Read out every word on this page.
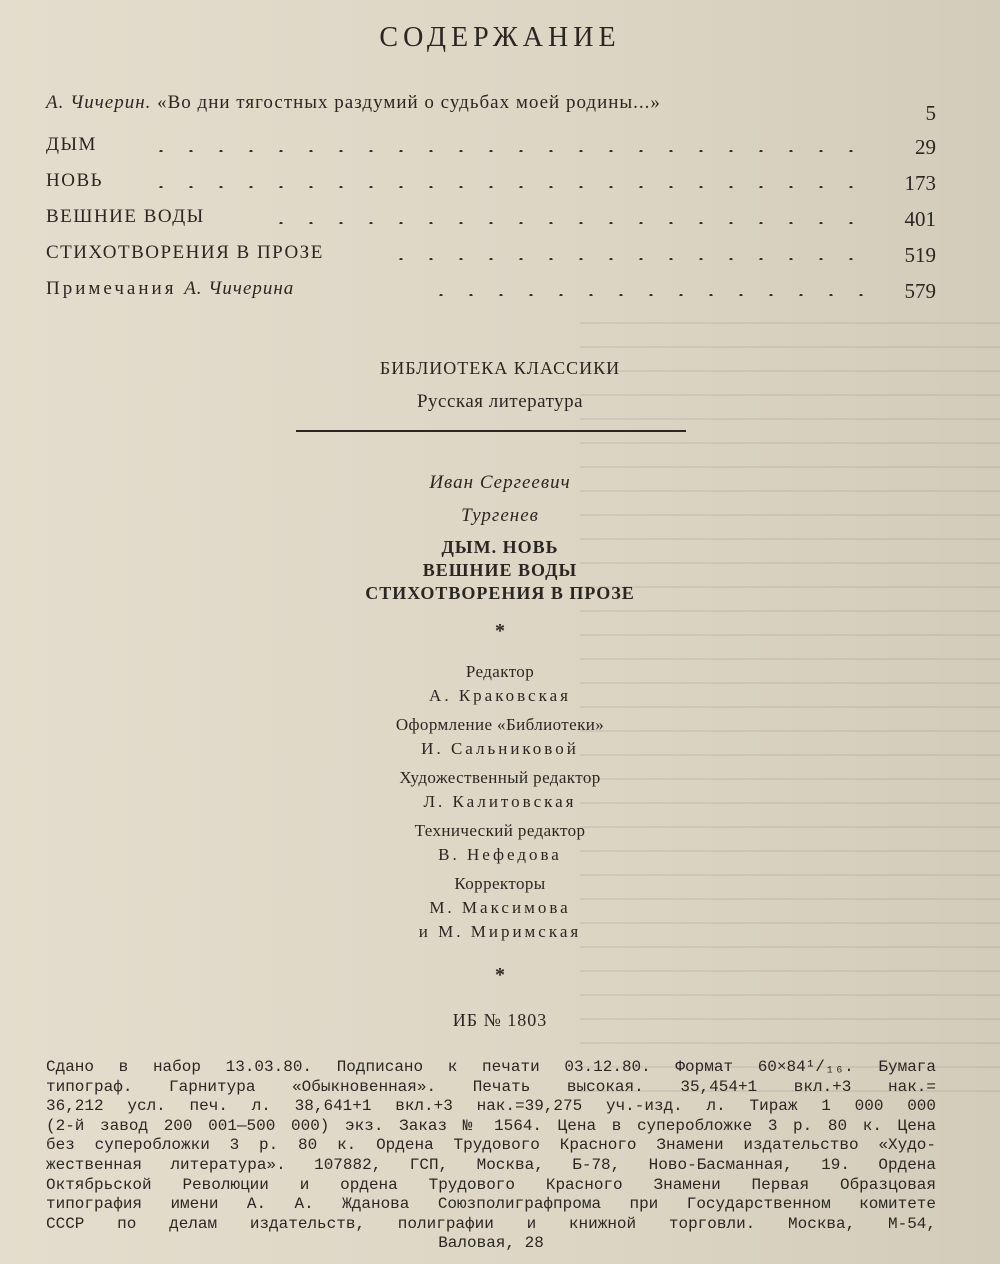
СОДЕРЖАНИЕ
А. Чичерин. «Во дни тягостных раздумий о судьбах моей родины...»	5
ДЫМ	29
НОВЬ	173
ВЕШНИЕ ВОДЫ	401
СТИХОТВОРЕНИЯ В ПРОЗЕ	519
Примечания А. Чичерина	579
БИБЛИОТЕКА КЛАССИКИ
Русская литература
Иван Сергеевич
Тургенев
ДЫМ. НОВЬ
ВЕШНИЕ ВОДЫ
СТИХОТВОРЕНИЯ В ПРОЗЕ
*
Редактор
А. Краковская
Оформление «Библиотеки»
И. Сальниковой
Художественный редактор
Л. Калитовская
Технический редактор
В. Нефедова
Корректоры
М. Максимова
и М. Миримская
*
ИБ № 1803
Сдано в набор 13.03.80. Подписано к печати 03.12.80. Формат 60×84¹/₁₆. Бумага
типограф. Гарнитура «Обыкновенная». Печать высокая. 35,454+1 вкл.+3 нак.=
36,212 усл. печ. л. 38,641+1 вкл.+3 нак.=39,275 уч.-изд. л. Тираж 1 000 000
(2-й завод 200 001—500 000) экз. Заказ № 1564. Цена в суперобложке 3 р. 80 к. Цена
без суперобложки 3 р. 80 к. Ордена Трудового Красного Знамени издательство «Худо-
жественная литература». 107882, ГСП, Москва, Б-78, Ново-Басманная, 19. Ордена
Октябрьской Революции и ордена Трудового Красного Знамени Первая Образцовая
типография имени А. А. Жданова Союзполиграфпрома при Государственном комитете
СССР по делам издательств, полиграфии и книжной торговли. Москва, М-54,
Валовая, 28
